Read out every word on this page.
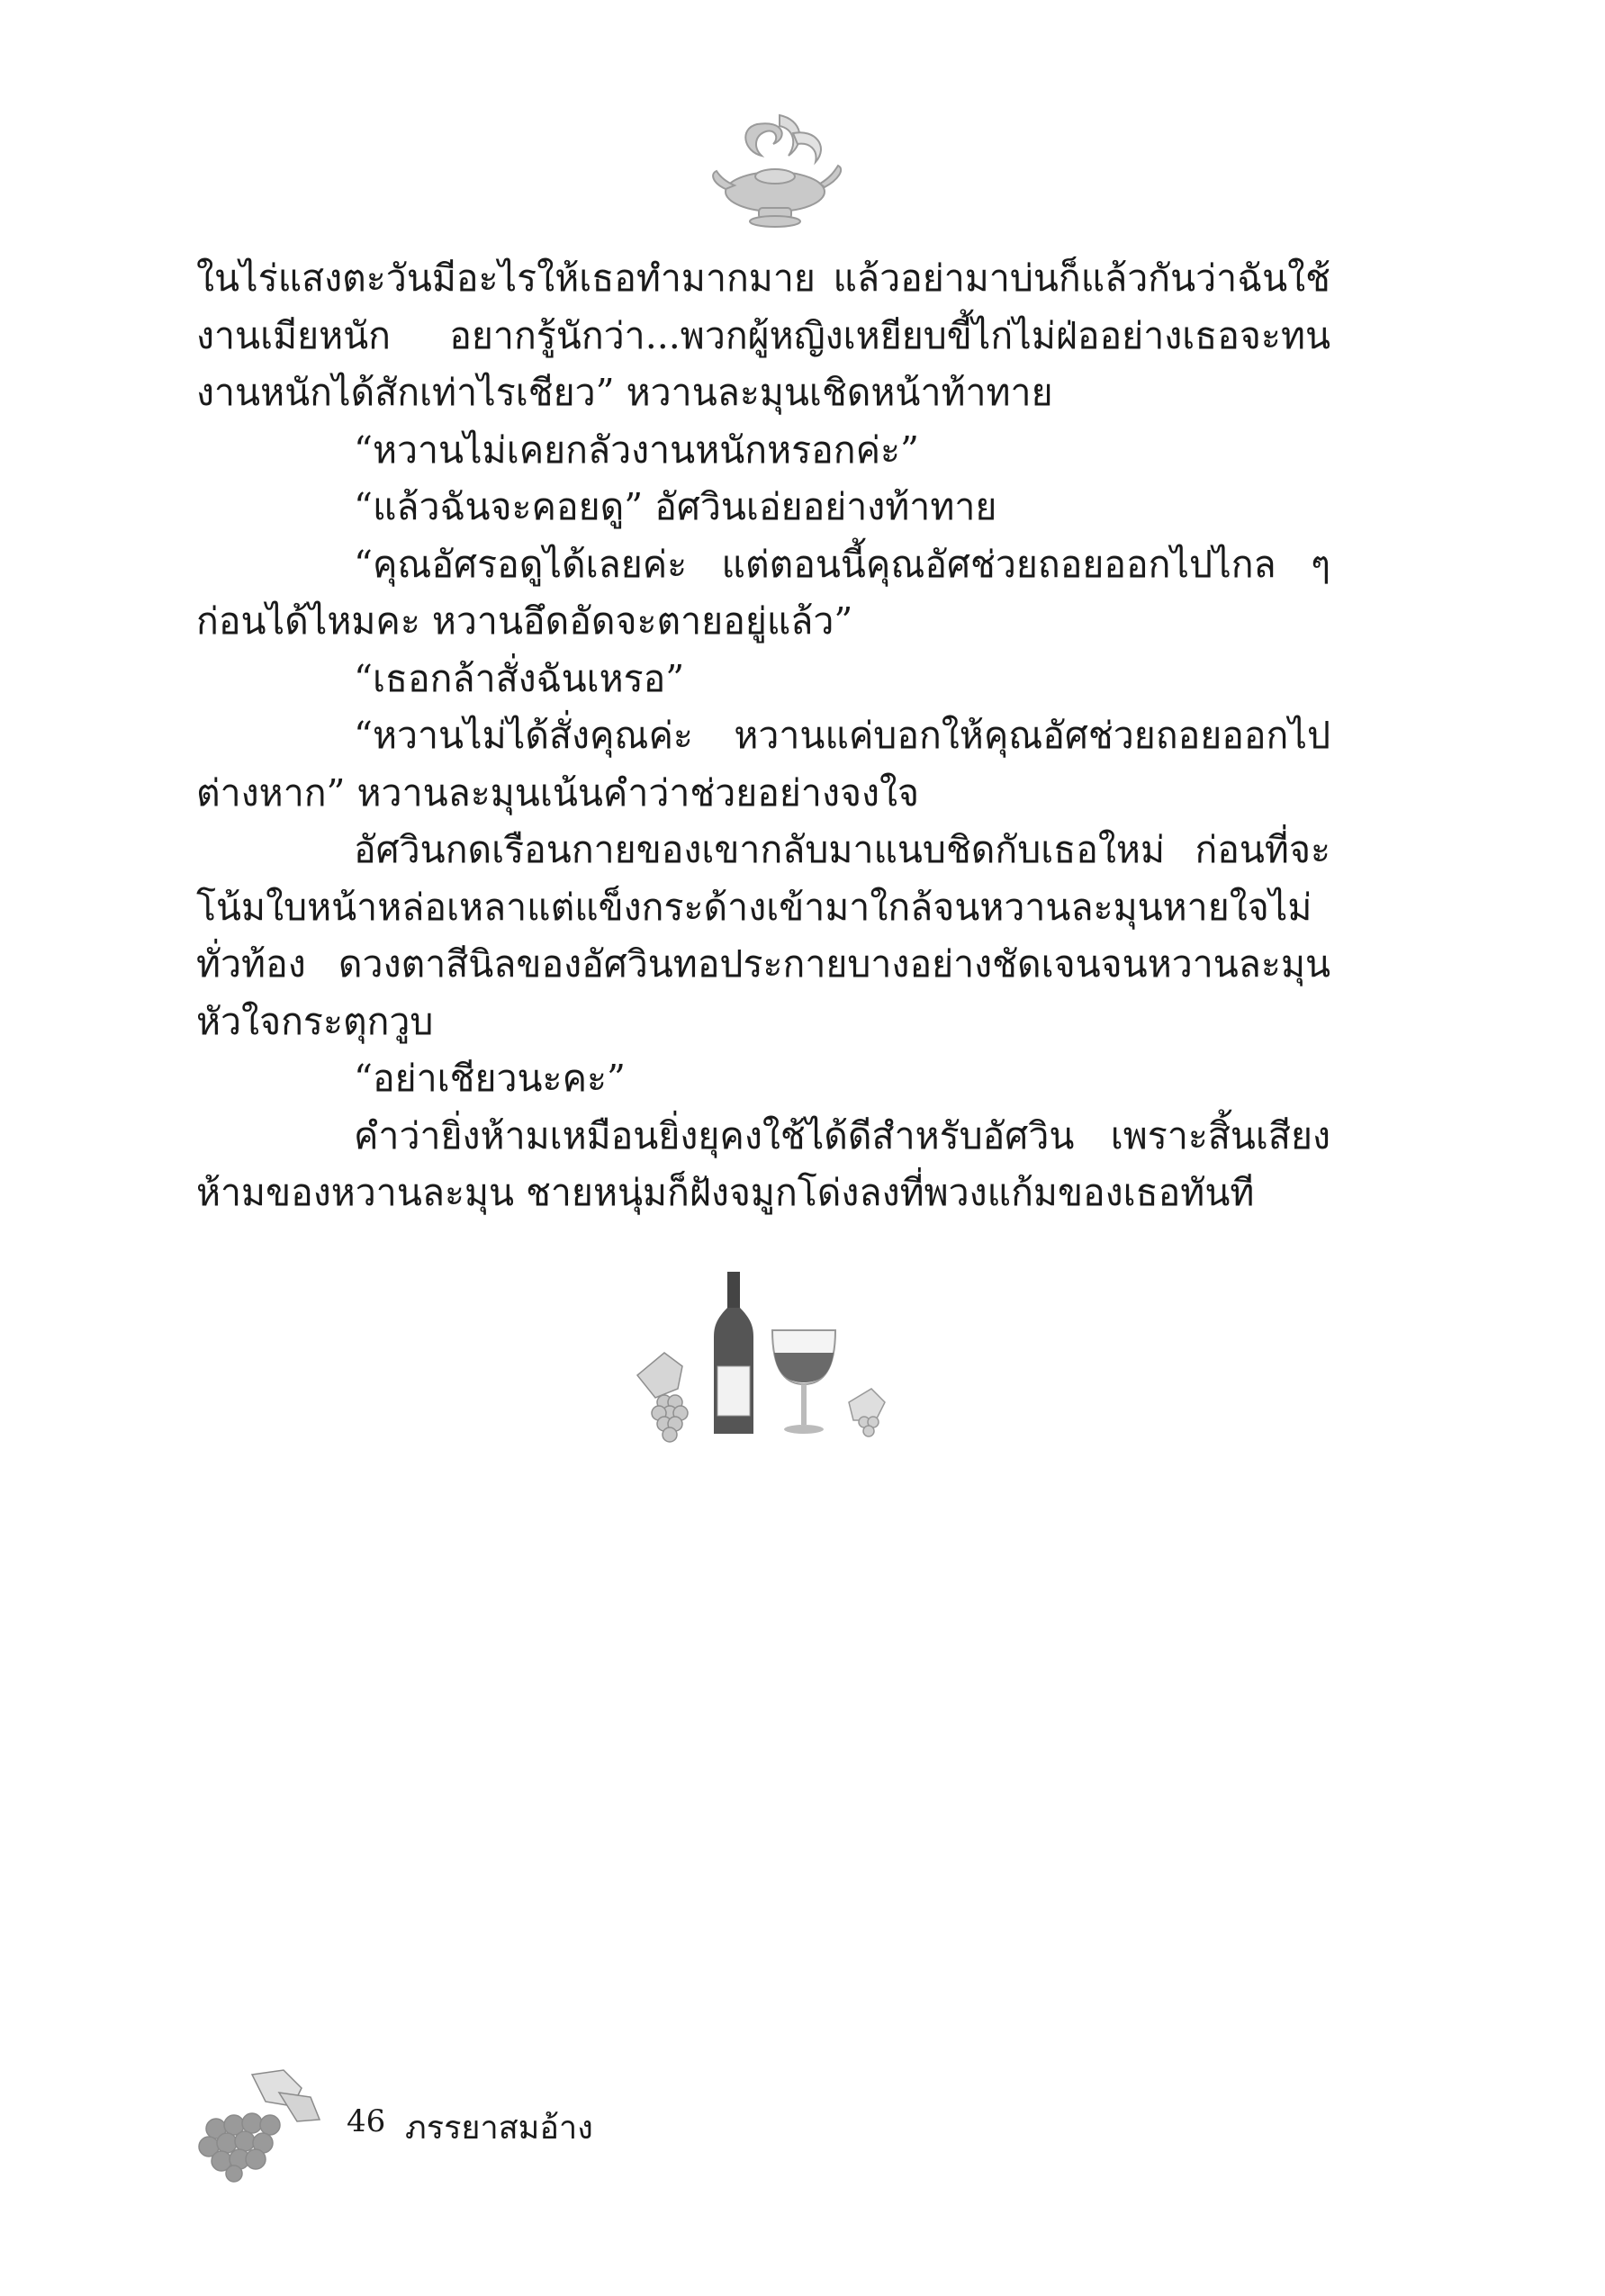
ในไร่แสงตะวันมีอะไรให้เธอทำมากมาย แล้วอย่ามาบ่นก็แล้วกันว่าฉันใช้งานเมียหนัก อยากรู้นักว่า...พวกผู้หญิงเหยียบขี้ไก่ไม่ฝ่ออย่างเธอจะทนงานหนักได้สักเท่าไรเชียว” หวานละมุนเชิดหน้าท้าทาย

“หวานไม่เคยกลัวงานหนักหรอกค่ะ”

“แล้วฉันจะคอยดู” อัศวินเอ่ยอย่างท้าทาย

“คุณอัศรอดูได้เลยค่ะ แต่ตอนนี้คุณอัศช่วยถอยออกไปไกล ๆ ก่อนได้ไหมคะ หวานอึดอัดจะตายอยู่แล้ว”

“เธอกล้าสั่งฉันเหรอ”

“หวานไม่ได้สั่งคุณค่ะ หวานแค่บอกให้คุณอัศช่วยถอยออกไปต่างหาก” หวานละมุนเน้นคำว่าช่วยอย่างจงใจ

อัศวินกดเรือนกายของเขากลับมาแนบชิดกับเธอใหม่ ก่อนที่จะโน้มใบหน้าหล่อเหลาแต่แข็งกระด้างเข้ามาใกล้จนหวานละมุนหายใจไม่ทั่วท้อง ดวงตาสีนิลของอัศวินทอประกายบางอย่างชัดเจนจนหวานละมุนหัวใจกระตุกวูบ

“อย่าเชียวนะคะ”

คำว่ายิ่งห้ามเหมือนยิ่งยุคงใช้ได้ดีสำหรับอัศวิน เพราะสิ้นเสียงห้ามของหวานละมุน ชายหนุ่มก็ฝังจมูกโด่งลงที่พวงแก้มของเธอทันที

46 ภรรยาสมอ้าง
